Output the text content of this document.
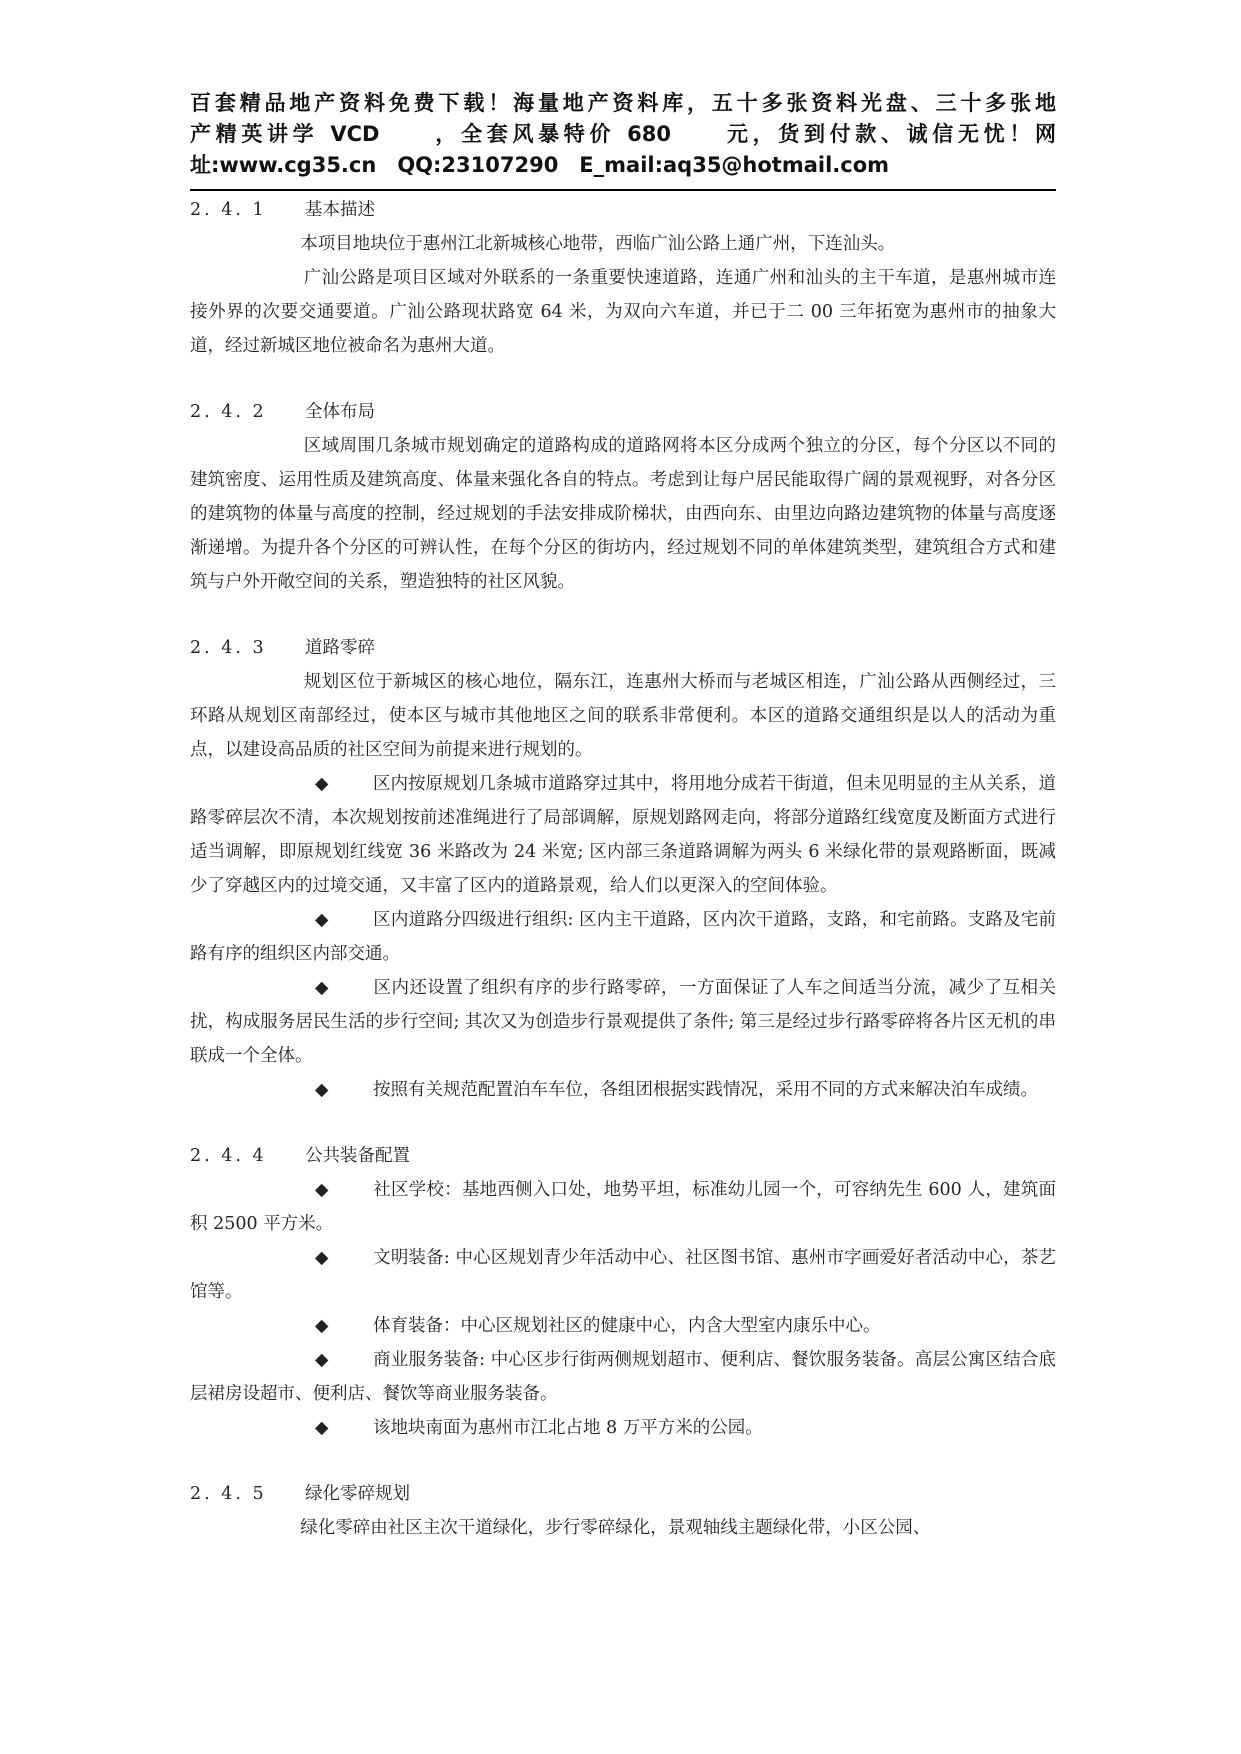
百套精品地产资料免费下载！海量地产资料库，五十多张资料光盘、三十多张地
产精英讲学 VCD　　，全套风暴特价 680　　元，货到付款、诚信无忧！网
址:www.cg35.cn　QQ:23107290　E_mail:aq35@hotmail.com
2. 4. 1 基本描述

本项目地块位于惠州江北新城核心地带，西临广汕公路上通广州，下连汕头。

广汕公路是项目区域对外联系的一条重要快速道路，连通广州和汕头的主干车道，是惠州城市连接外界的次要交通要道。广汕公路现状路宽 64 米，为双向六车道，并已于二 00 三年拓宽为惠州市的抽象大道，经过新城区地位被命名为惠州大道。

2. 4. 2 全体布局

区域周围几条城市规划确定的道路构成的道路网将本区分成两个独立的分区，每个分区以不同的建筑密度、运用性质及建筑高度、体量来强化各自的特点。考虑到让每户居民能取得广阔的景观视野，对各分区的建筑物的体量与高度的控制，经过规划的手法安排成阶梯状，由西向东、由里边向路边建筑物的体量与高度逐渐递增。为提升各个分区的可辨认性，在每个分区的街坊内，经过规划不同的单体建筑类型，建筑组合方式和建筑与户外开敞空间的关系，塑造独特的社区风貌。

2. 4. 3 道路零碎

规划区位于新城区的核心地位，隔东江，连惠州大桥而与老城区相连，广汕公路从西侧经过，三环路从规划区南部经过，使本区与城市其他地区之间的联系非常便利。本区的道路交通组织是以人的活动为重点，以建设高品质的社区空间为前提来进行规划的。

◆	区内按原规划几条城市道路穿过其中，将用地分成若干街道，但未见明显的主从关系，道路零碎层次不清，本次规划按前述准绳进行了局部调解，原规划路网走向，将部分道路红线宽度及断面方式进行适当调解，即原规划红线宽 36 米路改为 24 米宽; 区内部三条道路调解为两头 6 米绿化带的景观路断面，既减少了穿越区内的过境交通，又丰富了区内的道路景观，给人们以更深入的空间体验。

◆	区内道路分四级进行组织: 区内主干道路，区内次干道路，支路，和宅前路。支路及宅前路有序的组织区内部交通。

◆	区内还设置了组织有序的步行路零碎，一方面保证了人车之间适当分流，减少了互相关扰，构成服务居民生活的步行空间; 其次又为创造步行景观提供了条件; 第三是经过步行路零碎将各片区无机的串联成一个全体。

◆	按照有关规范配置泊车车位，各组团根据实践情况，采用不同的方式来解决泊车成绩。

2. 4. 4 公共装备配置

◆	社区学校：基地西侧入口处，地势平坦，标准幼儿园一个，可容纳先生 600 人，建筑面积 2500 平方米。

◆	文明装备: 中心区规划青少年活动中心、社区图书馆、惠州市字画爱好者活动中心，茶艺馆等。

◆	体育装备：中心区规划社区的健康中心，内含大型室内康乐中心。

◆	商业服务装备: 中心区步行街两侧规划超市、便利店、餐饮服务装备。高层公寓区结合底层裙房设超市、便利店、餐饮等商业服务装备。

◆	该地块南面为惠州市江北占地 8 万平方米的公园。

2. 4. 5 绿化零碎规划

绿化零碎由社区主次干道绿化，步行零碎绿化，景观轴线主题绿化带，小区公园、
